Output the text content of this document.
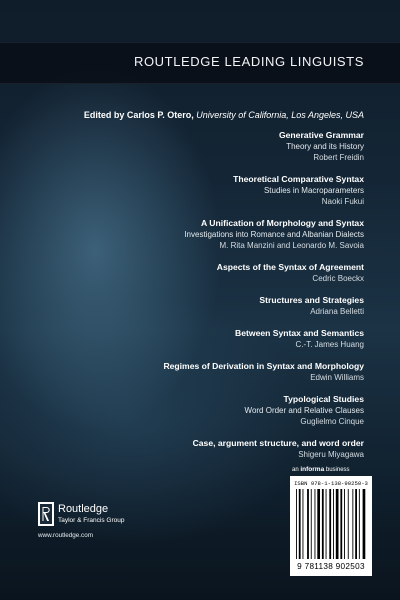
ROUTLEDGE LEADING LINGUISTS
Edited by Carlos P. Otero, University of California, Los Angeles, USA
Generative Grammar
Theory and its History
Robert Freidin
Theoretical Comparative Syntax
Studies in Macroparameters
Naoki Fukui
A Unification of Morphology and Syntax
Investigations into Romance and Albanian Dialects
M. Rita Manzini and Leonardo M. Savoia
Aspects of the Syntax of Agreement
Cedric Boeckx
Structures and Strategies
Adriana Belletti
Between Syntax and Semantics
C.-T. James Huang
Regimes of Derivation in Syntax and Morphology
Edwin Williams
Typological Studies
Word Order and Relative Clauses
Guglielmo Cinque
Case, argument structure, and word order
Shigeru Miyagawa
an informa business
ISBN 978-1-138-90250-3
9 781138 902503
Routledge
Taylor & Francis Group
www.routledge.com
